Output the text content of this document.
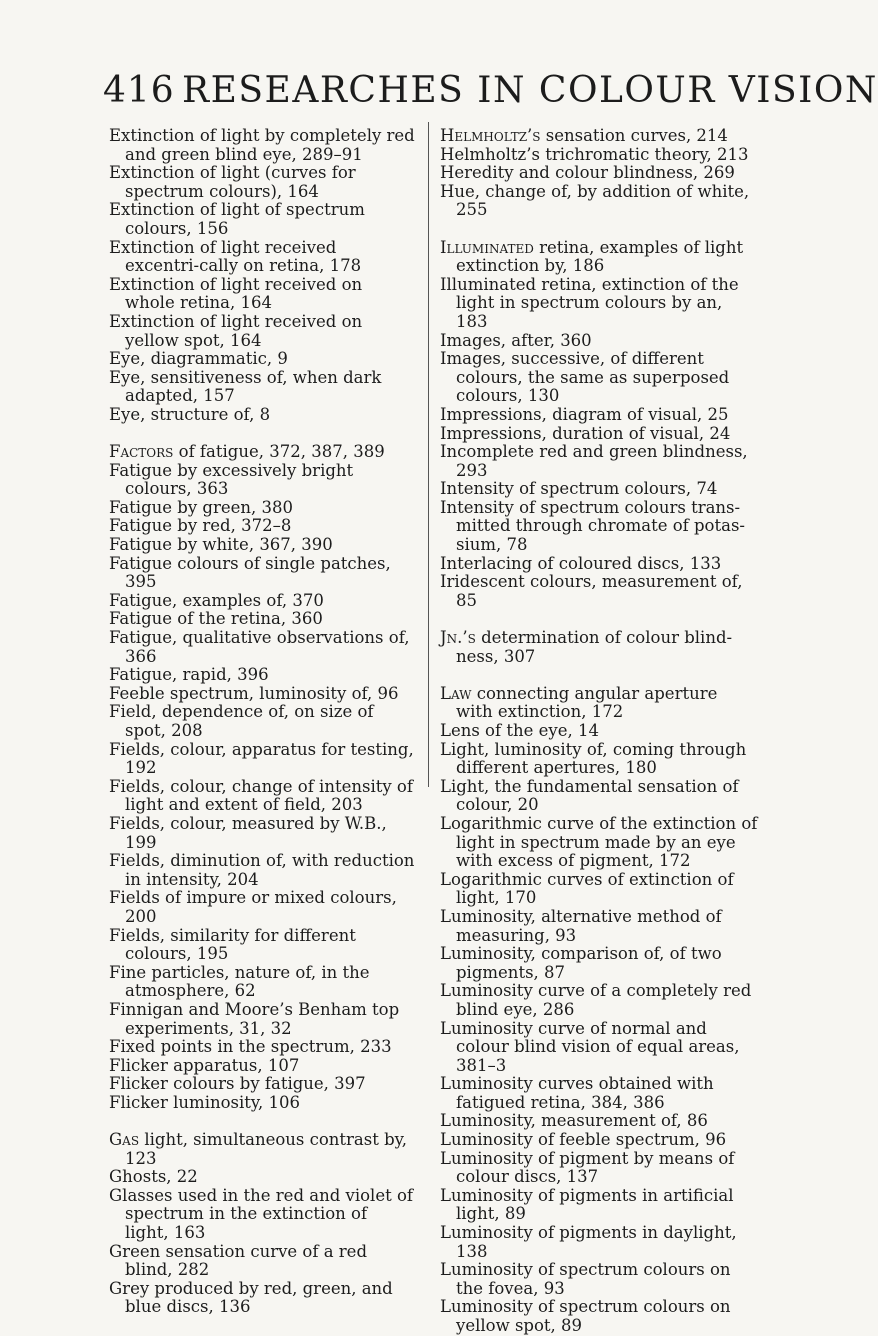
416 RESEARCHES IN COLOUR VISION
Extinction of light by completely red and green blind eye, 289–91
Extinction of light (curves for spectrum colours), 164
Extinction of light of spectrum colours, 156
Extinction of light received excentri-cally on retina, 178
Extinction of light received on whole retina, 164
Extinction of light received on yellow spot, 164
Eye, diagrammatic, 9
Eye, sensitiveness of, when dark adapted, 157
Eye, structure of, 8
Factors of fatigue, 372, 387, 389
Fatigue by excessively bright colours, 363
Fatigue by green, 380
Fatigue by red, 372–8
Fatigue by white, 367, 390
Fatigue colours of single patches, 395
Fatigue, examples of, 370
Fatigue of the retina, 360
Fatigue, qualitative observations of, 366
Fatigue, rapid, 396
Feeble spectrum, luminosity of, 96
Field, dependence of, on size of spot, 208
Fields, colour, apparatus for testing, 192
Fields, colour, change of intensity of light and extent of field, 203
Fields, colour, measured by W.B., 199
Fields, diminution of, with reduction in intensity, 204
Fields of impure or mixed colours, 200
Fields, similarity for different colours, 195
Fine particles, nature of, in the atmosphere, 62
Finnigan and Moore’s Benham top experiments, 31, 32
Fixed points in the spectrum, 233
Flicker apparatus, 107
Flicker colours by fatigue, 397
Flicker luminosity, 106
Gas light, simultaneous contrast by, 123
Ghosts, 22
Glasses used in the red and violet of spectrum in the extinction of light, 163
Green sensation curve of a red blind, 282
Grey produced by red, green, and blue discs, 136
Helmholtz’s sensation curves, 214
Helmholtz’s trichromatic theory, 213
Heredity and colour blindness, 269
Hue, change of, by addition of white, 255
Illuminated retina, examples of light extinction by, 186
Illuminated retina, extinction of the light in spectrum colours by an, 183
Images, after, 360
Images, successive, of different colours, the same as superposed colours, 130
Impressions, diagram of visual, 25
Impressions, duration of visual, 24
Incomplete red and green blindness, 293
Intensity of spectrum colours, 74
Intensity of spectrum colours trans-mitted through chromate of potas-sium, 78
Interlacing of coloured discs, 133
Iridescent colours, measurement of, 85
Jn.’s determination of colour blind-ness, 307
Law connecting angular aperture with extinction, 172
Lens of the eye, 14
Light, luminosity of, coming through different apertures, 180
Light, the fundamental sensation of colour, 20
Logarithmic curve of the extinction of light in spectrum made by an eye with excess of pigment, 172
Logarithmic curves of extinction of light, 170
Luminosity, alternative method of measuring, 93
Luminosity, comparison of, of two pigments, 87
Luminosity curve of a completely red blind eye, 286
Luminosity curve of normal and colour blind vision of equal areas, 381–3
Luminosity curves obtained with fatigued retina, 384, 386
Luminosity, measurement of, 86
Luminosity of feeble spectrum, 96
Luminosity of pigment by means of colour discs, 137
Luminosity of pigments in artificial light, 89
Luminosity of pigments in daylight, 138
Luminosity of spectrum colours on the fovea, 93
Luminosity of spectrum colours on yellow spot, 89
